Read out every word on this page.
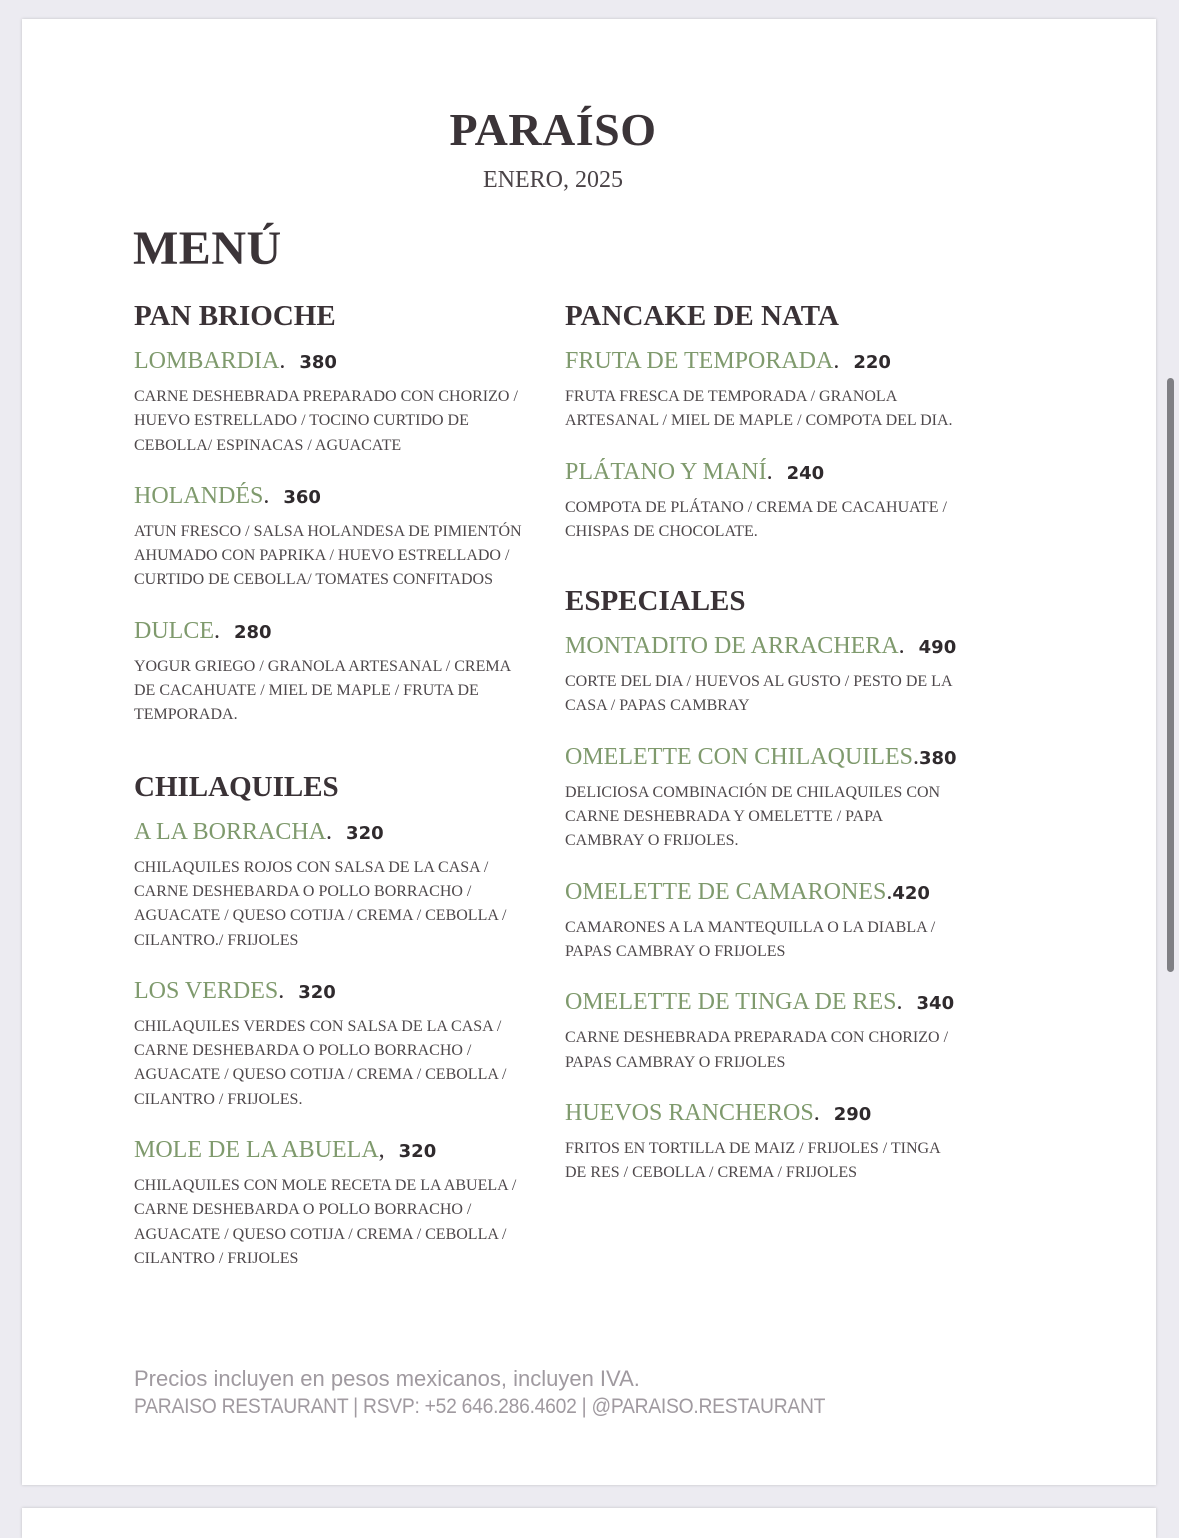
PARAÍSO

ENERO, 2025

MENÚ
PAN BRIOCHE
LOMBARDIA. 380

CARNE DESHEBRADA PREPARADO CON CHORIZO / HUEVO ESTRELLADO / TOCINO CURTIDO DE CEBOLLA/ ESPINACAS / AGUACATE

HOLANDÉS. 360

ATUN FRESCO / SALSA HOLANDESA DE PIMIENTÓN AHUMADO CON PAPRIKA / HUEVO ESTRELLADO / CURTIDO DE CEBOLLA/ TOMATES CONFITADOS

DULCE. 280

YOGUR GRIEGO / GRANOLA ARTESANAL / CREMA DE CACAHUATE / MIEL DE MAPLE / FRUTA DE TEMPORADA.

CHILAQUILES
A LA BORRACHA. 320

CHILAQUILES ROJOS CON SALSA DE LA CASA / CARNE DESHEBARDA O POLLO BORRACHO / AGUACATE / QUESO COTIJA / CREMA / CEBOLLA / CILANTRO./ FRIJOLES

LOS VERDES. 320

CHILAQUILES VERDES CON SALSA DE LA CASA / CARNE DESHEBARDA O POLLO BORRACHO / AGUACATE / QUESO COTIJA / CREMA / CEBOLLA / CILANTRO / FRIJOLES.

MOLE DE LA ABUELA, 320

CHILAQUILES CON MOLE RECETA DE LA ABUELA / CARNE DESHEBARDA O POLLO BORRACHO / AGUACATE / QUESO COTIJA / CREMA / CEBOLLA / CILANTRO / FRIJOLES

PANCAKE DE NATA
FRUTA DE TEMPORADA. 220

FRUTA FRESCA DE TEMPORADA / GRANOLA ARTESANAL / MIEL DE MAPLE / COMPOTA DEL DIA.

PLÁTANO Y MANÍ. 240

COMPOTA DE PLÁTANO / CREMA DE CACAHUATE / CHISPAS DE CHOCOLATE.

ESPECIALES
MONTADITO DE ARRACHERA. 490

CORTE DEL DIA / HUEVOS AL GUSTO / PESTO DE LA CASA / PAPAS CAMBRAY

OMELETTE CON CHILAQUILES.380

DELICIOSA COMBINACIÓN DE CHILAQUILES CON CARNE DESHEBRADA Y OMELETTE / PAPA CAMBRAY O FRIJOLES.

OMELETTE DE CAMARONES.420

CAMARONES A LA MANTEQUILLA O LA DIABLA / PAPAS CAMBRAY O FRIJOLES

OMELETTE DE TINGA DE RES. 340

CARNE DESHEBRADA PREPARADA CON CHORIZO / PAPAS CAMBRAY O FRIJOLES

HUEVOS RANCHEROS. 290

FRITOS EN TORTILLA DE MAIZ / FRIJOLES / TINGA DE RES / CEBOLLA / CREMA / FRIJOLES

Precios incluyen en pesos mexicanos, incluyen IVA.

PARAISO RESTAURANT | RSVP: +52 646.286.4602 | @PARAISO.RESTAURANT
